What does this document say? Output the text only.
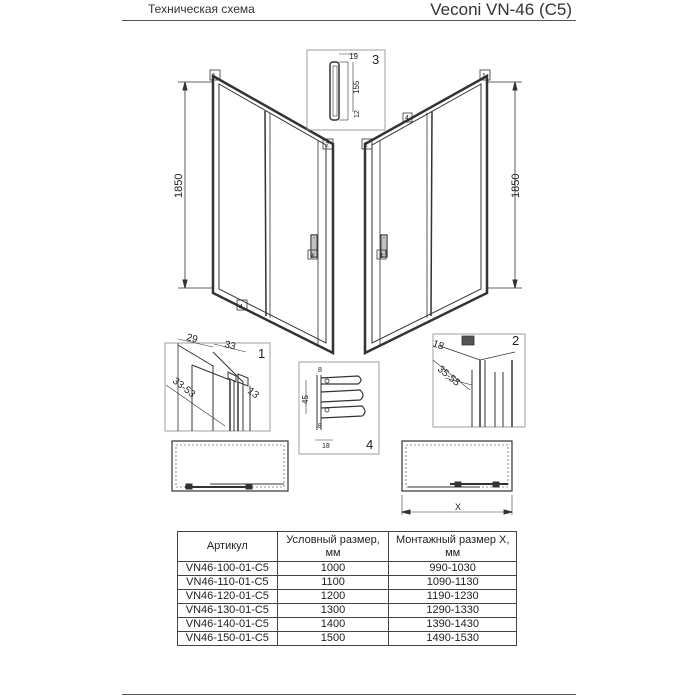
Техническая схема	Veconi VN-46 (C5)
1850	1850
1
2
3
4
1
2
3
4
19
155
12
3
29
33
33-53	13
1
18
35-55
2
8
45
8
18	4
X
Артикул	Условный размер, мм	Монтажный размер X, мм
VN46-100-01-C5	1000	990-1030
VN46-110-01-C5	1100	1090-1130
VN46-120-01-C5	1200	1190-1230
VN46-130-01-C5	1300	1290-1330
VN46-140-01-C5	1400	1390-1430
VN46-150-01-C5	1500	1490-1530
